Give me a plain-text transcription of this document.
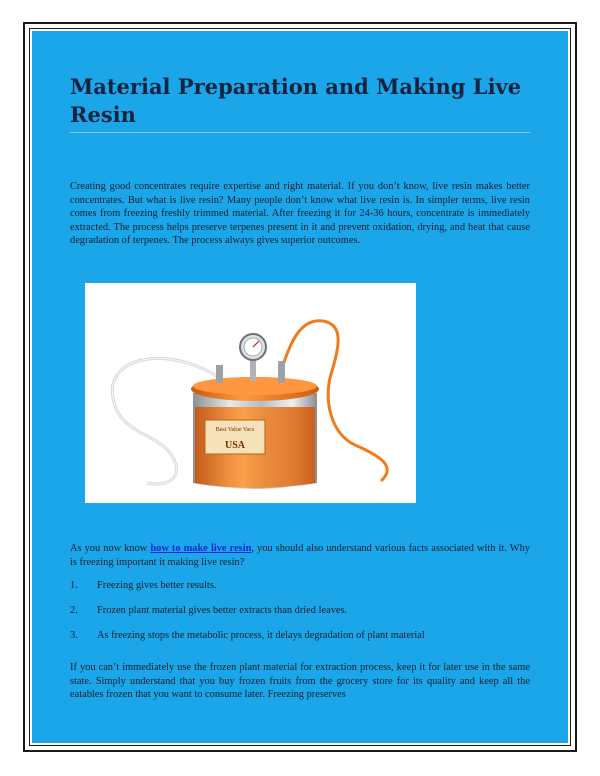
Material Preparation and Making Live Resin

Creating good concentrates require expertise and right material. If you don’t know, live resin makes better concentrates. But what is live resin? Many people don’t know what live resin is. In simpler terms, live resin comes from freezing freshly trimmed material. After freezing it for 24-36 hours, concentrate is immediately extracted. The process helps preserve terpenes present in it and prevent oxidation, drying, and heat that cause degradation of terpenes. The process always gives superior outcomes.

Best Value Vacs
USA

As you now know how to make live resin, you should also understand various facts associated with it. Why is freezing important it making live resin?

1. Freezing gives better results.
2. Frozen plant material gives better extracts than dried leaves.
3. As freezing stops the metabolic process, it delays degradation of plant material

If you can’t immediately use the frozen plant material for extraction process, keep it for later use in the same state. Simply understand that you buy frozen fruits from the grocery store for its quality and keep all the eatables frozen that you want to consume later. Freezing preserves
